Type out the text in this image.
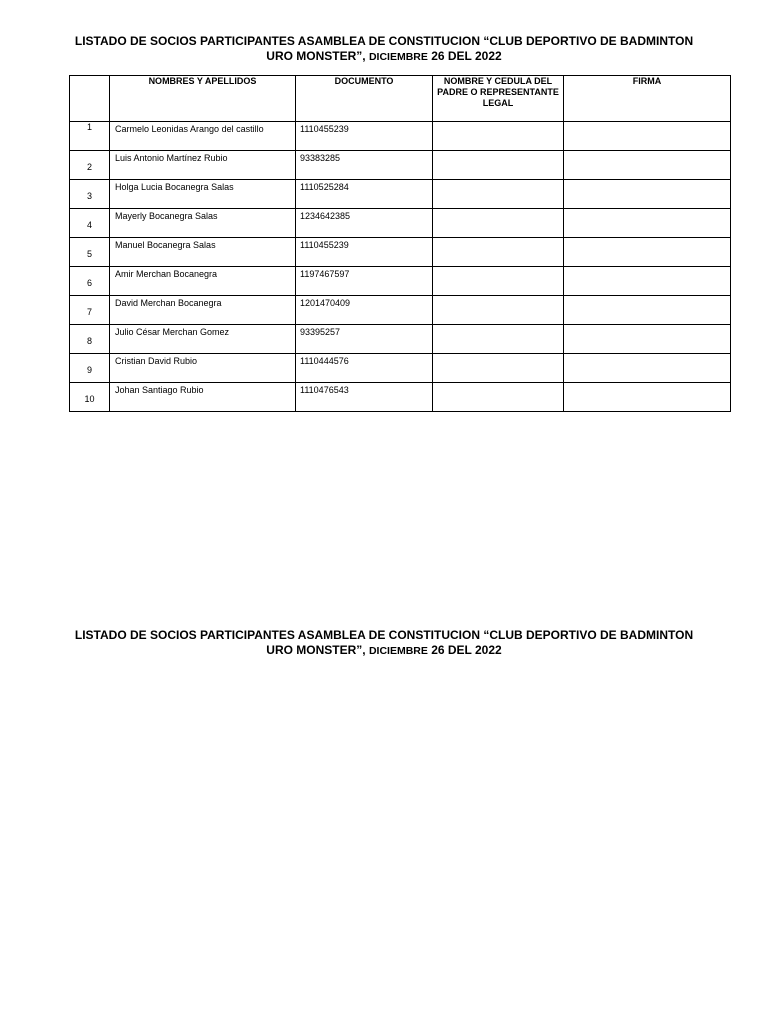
LISTADO DE SOCIOS PARTICIPANTES ASAMBLEA DE CONSTITUCION “CLUB DEPORTIVO DE BADMINTON
URO MONSTER”, DICIEMBRE 26 DEL 2022
	NOMBRES Y APELLIDOS	DOCUMENTO	NOMBRE Y CEDULA DEL PADRE O REPRESENTANTE LEGAL	FIRMA

1	Carmelo Leonidas Arango del castillo	1110455239		

2	Luis Antonio Martínez Rubio	93383285		

3	Holga Lucia Bocanegra Salas	1110525284		

4	Mayerly Bocanegra Salas	1234642385		

5	Manuel Bocanegra Salas	1110455239		

6	Amir Merchan Bocanegra	1197467597		

7	David Merchan Bocanegra	1201470409		

8	Julio César Merchan Gomez	93395257		

9	Cristian David Rubio	1110444576		

10	Johan Santiago Rubio	1110476543		
LISTADO DE SOCIOS PARTICIPANTES ASAMBLEA DE CONSTITUCION “CLUB DEPORTIVO DE BADMINTON
URO MONSTER”, DICIEMBRE 26 DEL 2022
